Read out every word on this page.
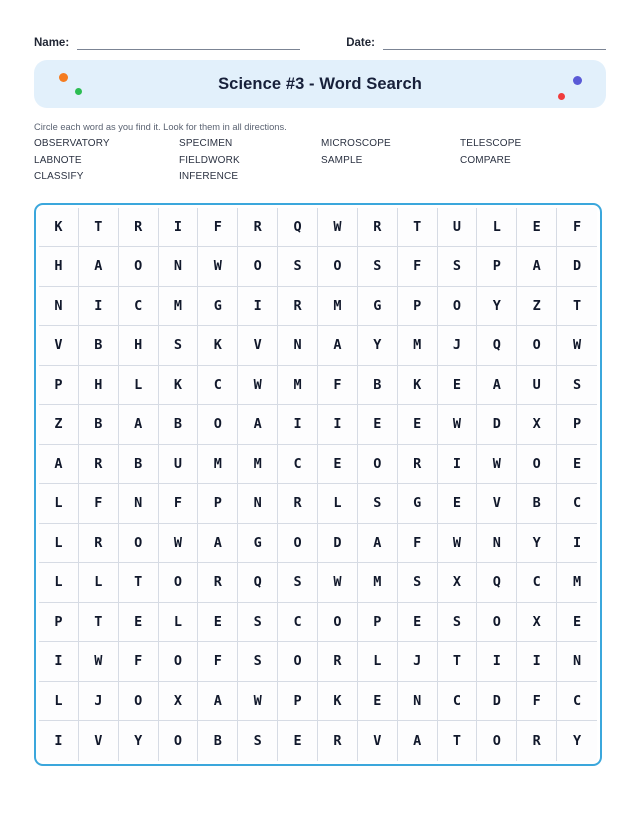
Name:	Date:
Science #3 - Word Search
Circle each word as you find it. Look for them in all directions.
OBSERVATORY	SPECIMEN	MICROSCOPE	TELESCOPE
LABNOTE	FIELDWORK	SAMPLE	COMPARE
CLASSIFY	INFERENCE
K	T	R	I	F	R	Q	W	R	T	U	L	E	F
H	A	O	N	W	O	S	O	S	F	S	P	A	D
N	I	C	M	G	I	R	M	G	P	O	Y	Z	T
V	B	H	S	K	V	N	A	Y	M	J	Q	O	W
P	H	L	K	C	W	M	F	B	K	E	A	U	S
Z	B	A	B	O	A	I	I	E	E	W	D	X	P
A	R	B	U	M	M	C	E	O	R	I	W	O	E
L	F	N	F	P	N	R	L	S	G	E	V	B	C
L	R	O	W	A	G	O	D	A	F	W	N	Y	I
L	L	T	O	R	Q	S	W	M	S	X	Q	C	M
P	T	E	L	E	S	C	O	P	E	S	O	X	E
I	W	F	O	F	S	O	R	L	J	T	I	I	N
L	J	O	X	A	W	P	K	E	N	C	D	F	C
I	V	Y	O	B	S	E	R	V	A	T	O	R	Y
